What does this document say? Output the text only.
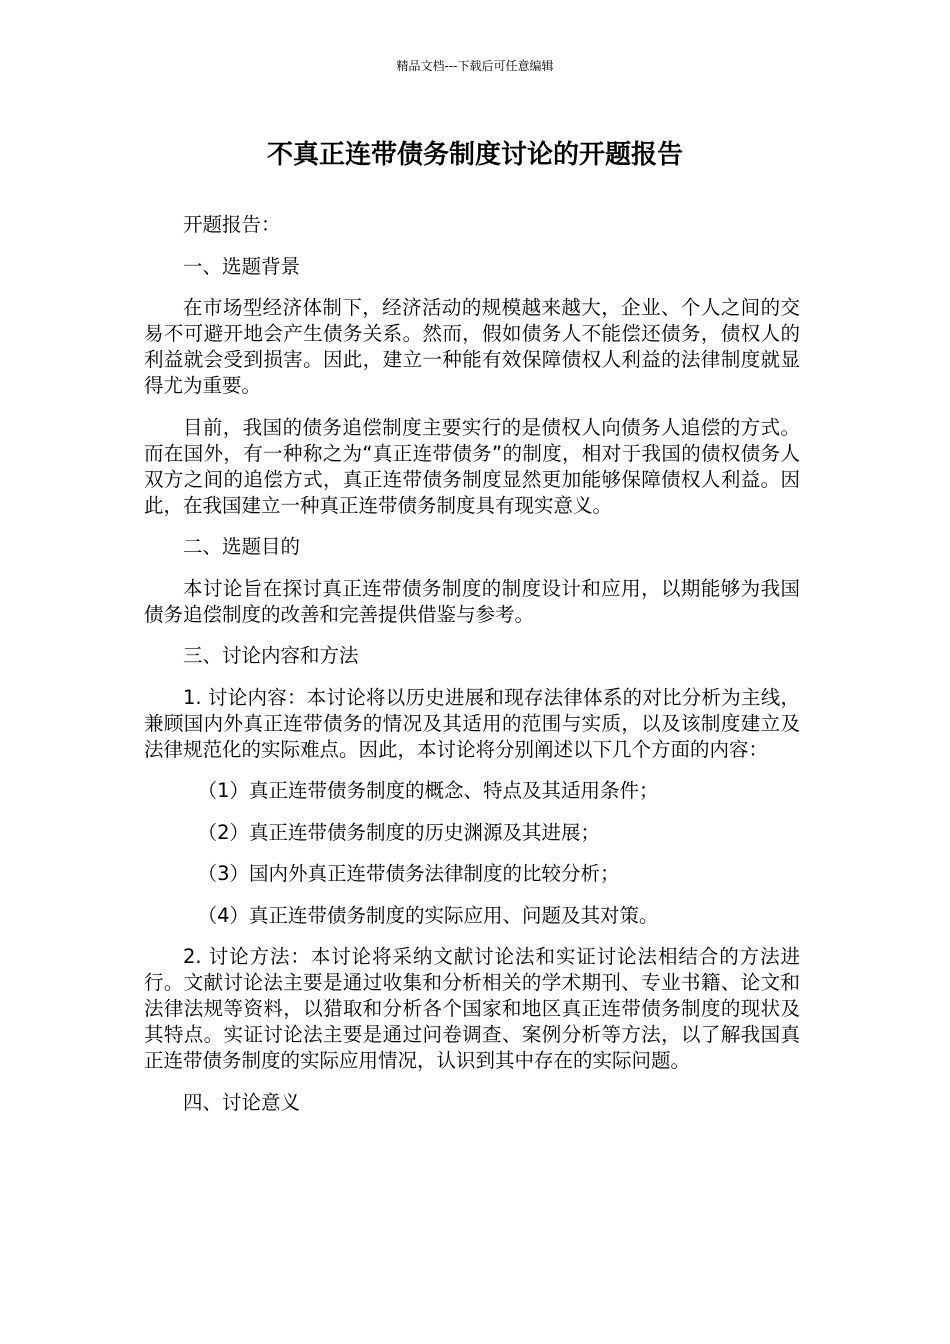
精品文档---下载后可任意编辑
不真正连带债务制度讨论的开题报告

开题报告：

一、选题背景

在市场型经济体制下，经济活动的规模越来越大，企业、个人之间的交易不可避开地会产生债务关系。然而，假如债务人不能偿还债务，债权人的利益就会受到损害。因此，建立一种能有效保障债权人利益的法律制度就显得尤为重要。

目前，我国的债务追偿制度主要实行的是债权人向债务人追偿的方式。而在国外，有一种称之为“真正连带债务”的制度，相对于我国的债权债务人双方之间的追偿方式，真正连带债务制度显然更加能够保障债权人利益。因此，在我国建立一种真正连带债务制度具有现实意义。

二、选题目的

本讨论旨在探讨真正连带债务制度的制度设计和应用，以期能够为我国债务追偿制度的改善和完善提供借鉴与参考。

三、讨论内容和方法

1. 讨论内容：本讨论将以历史进展和现存法律体系的对比分析为主线，兼顾国内外真正连带债务的情况及其适用的范围与实质，以及该制度建立及法律规范化的实际难点。因此，本讨论将分别阐述以下几个方面的内容：

（1）真正连带债务制度的概念、特点及其适用条件；

（2）真正连带债务制度的历史渊源及其进展；

（3）国内外真正连带债务法律制度的比较分析；

（4）真正连带债务制度的实际应用、问题及其对策。

2. 讨论方法：本讨论将采纳文献讨论法和实证讨论法相结合的方法进行。文献讨论法主要是通过收集和分析相关的学术期刊、专业书籍、论文和法律法规等资料，以猎取和分析各个国家和地区真正连带债务制度的现状及其特点。实证讨论法主要是通过问卷调查、案例分析等方法，以了解我国真正连带债务制度的实际应用情况，认识到其中存在的实际问题。

四、讨论意义
